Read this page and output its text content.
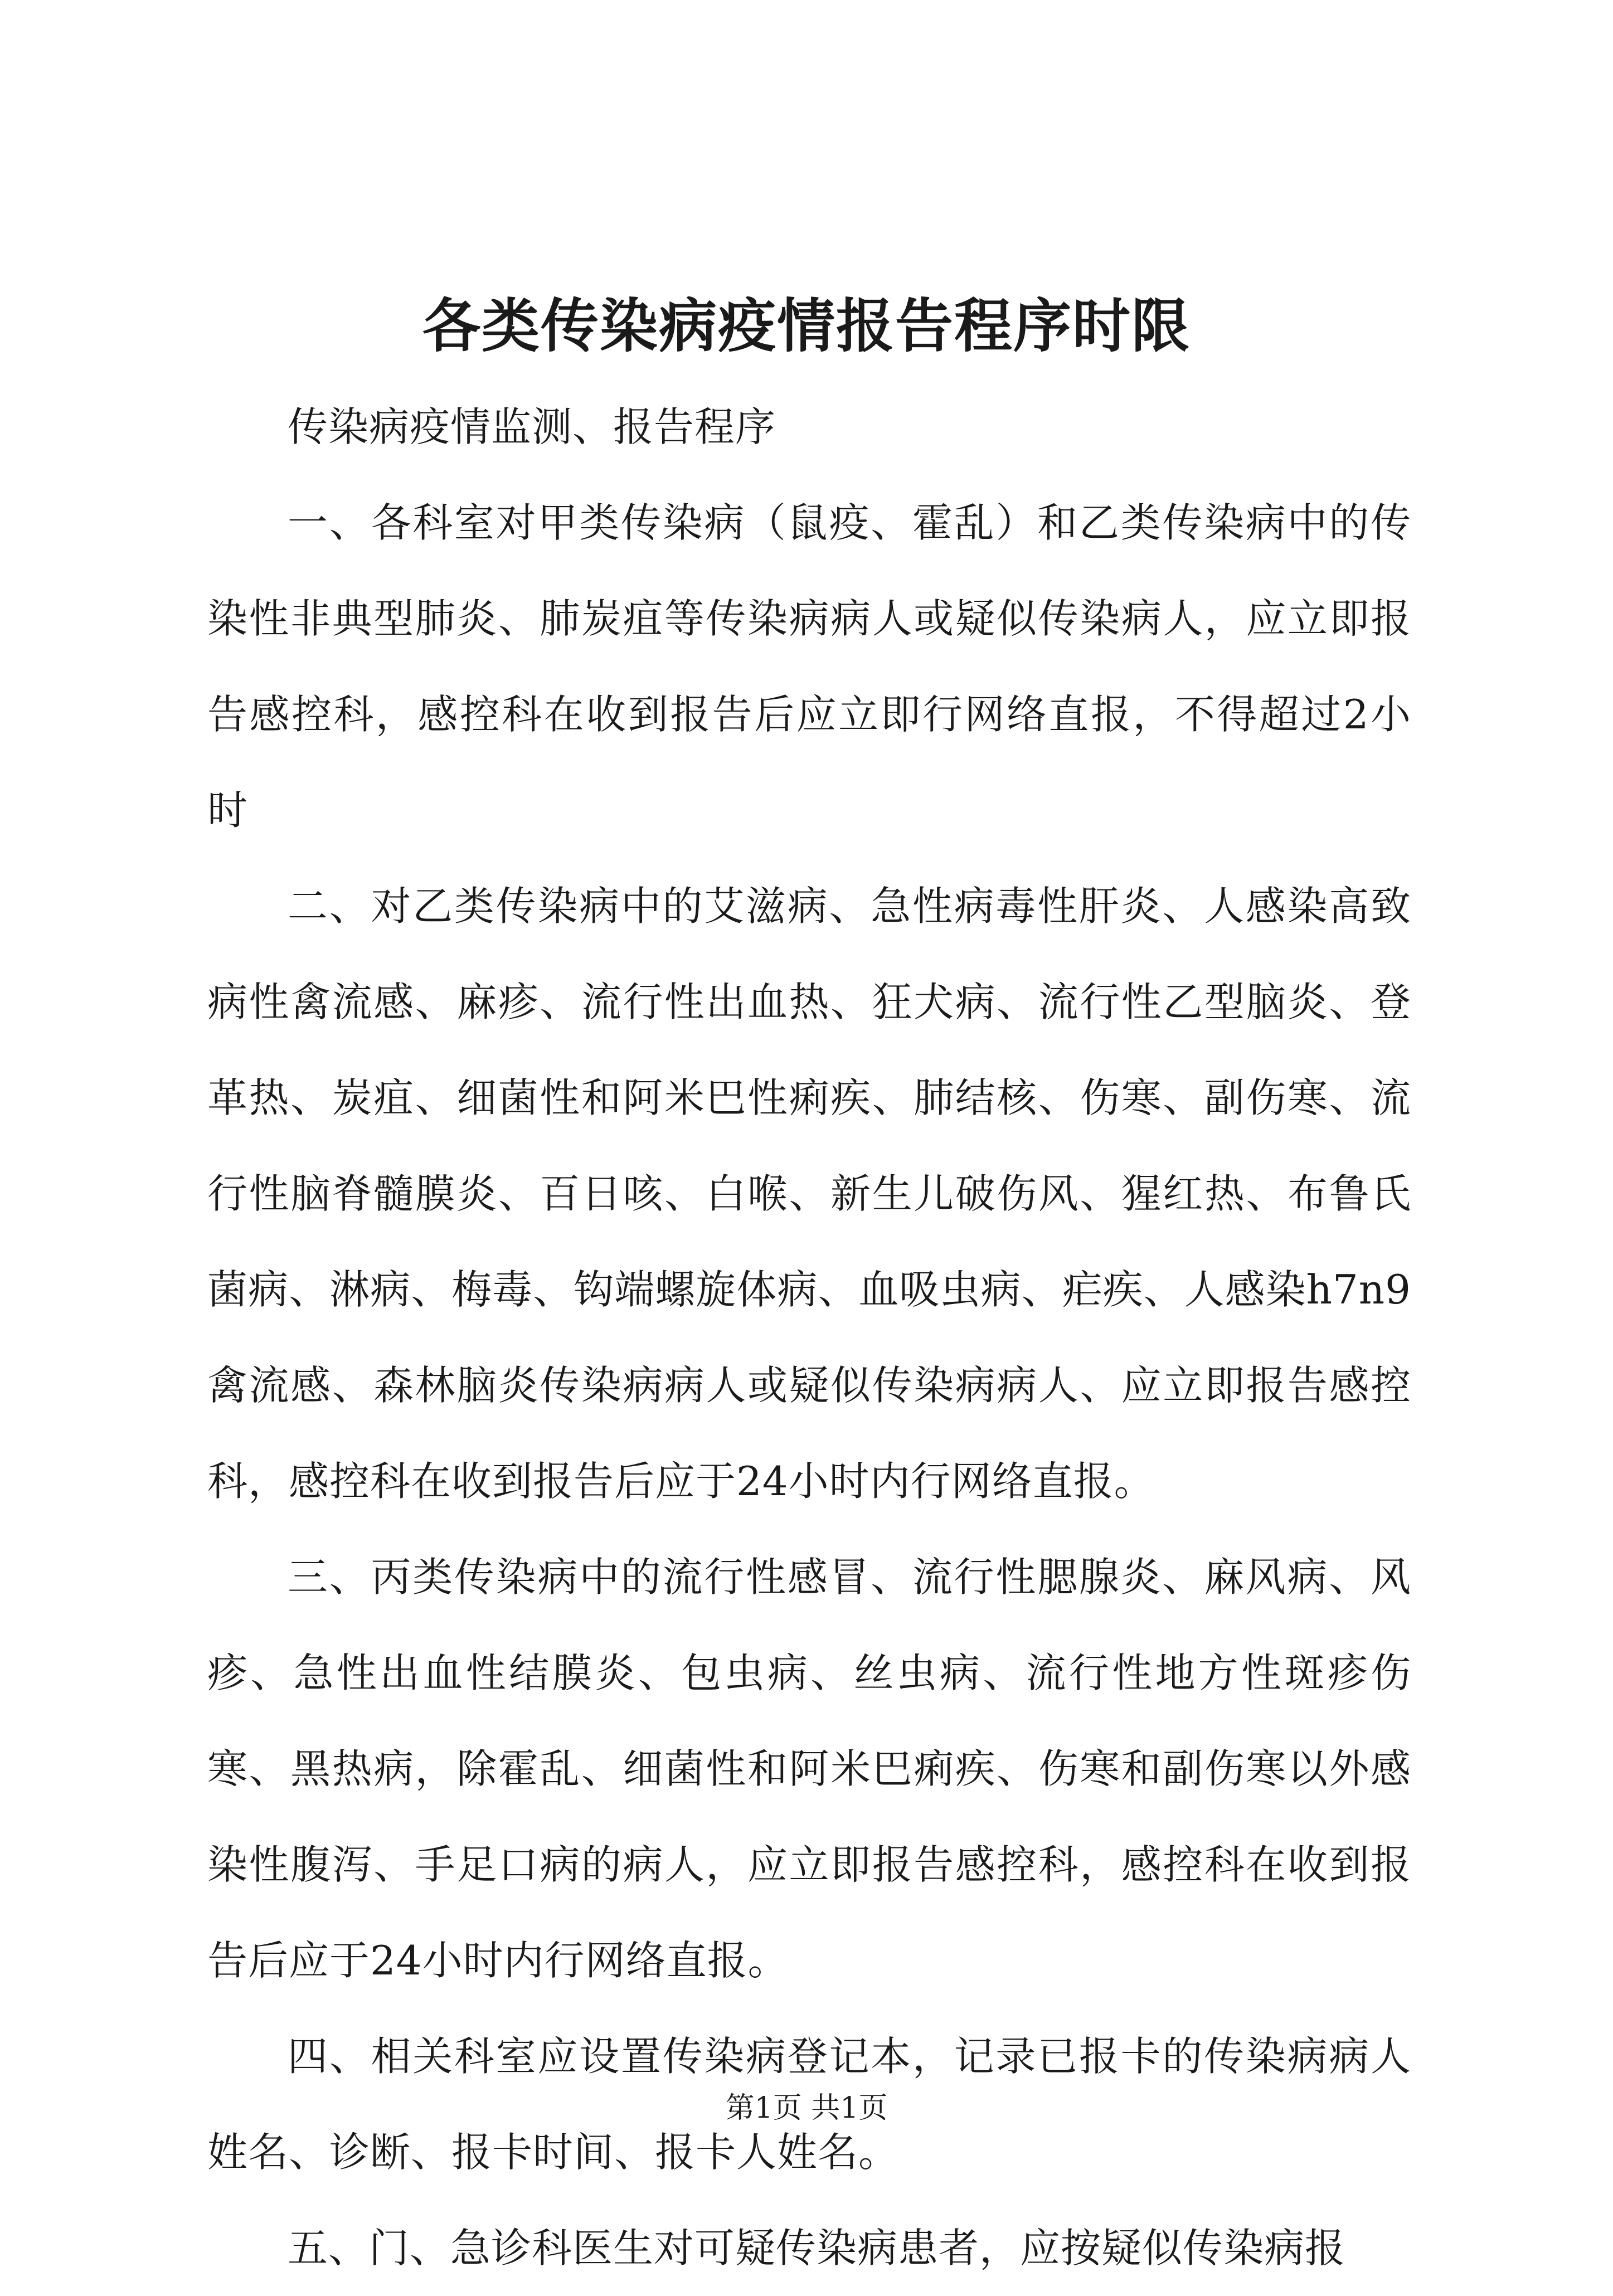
各类传染病疫情报告程序时限

传染病疫情监测、报告程序

一、各科室对甲类传染病（鼠疫、霍乱）和乙类传染病中的传染性非典型肺炎、肺炭疽等传染病病人或疑似传染病人，应立即报告感控科，感控科在收到报告后应立即行网络直报，不得超过2小时

二、对乙类传染病中的艾滋病、急性病毒性肝炎、人感染高致病性禽流感、麻疹、流行性出血热、狂犬病、流行性乙型脑炎、登革热、炭疽、细菌性和阿米巴性痢疾、肺结核、伤寒、副伤寒、流行性脑脊髓膜炎、百日咳、白喉、新生儿破伤风、猩红热、布鲁氏菌病、淋病、梅毒、钩端螺旋体病、血吸虫病、疟疾、人感染h7n9禽流感、森林脑炎传染病病人或疑似传染病病人、应立即报告感控科，感控科在收到报告后应于24小时内行网络直报。

三、丙类传染病中的流行性感冒、流行性腮腺炎、麻风病、风疹、急性出血性结膜炎、包虫病、丝虫病、流行性地方性斑疹伤寒、黑热病，除霍乱、细菌性和阿米巴痢疾、伤寒和副伤寒以外感染性腹泻、手足口病的病人，应立即报告感控科，感控科在收到报告后应于24小时内行网络直报。

四、相关科室应设置传染病登记本，记录已报卡的传染病病人姓名、诊断、报卡时间、报卡人姓名。

五、门、急诊科医生对可疑传染病患者，应按疑似传染病报

第1页 共1页
